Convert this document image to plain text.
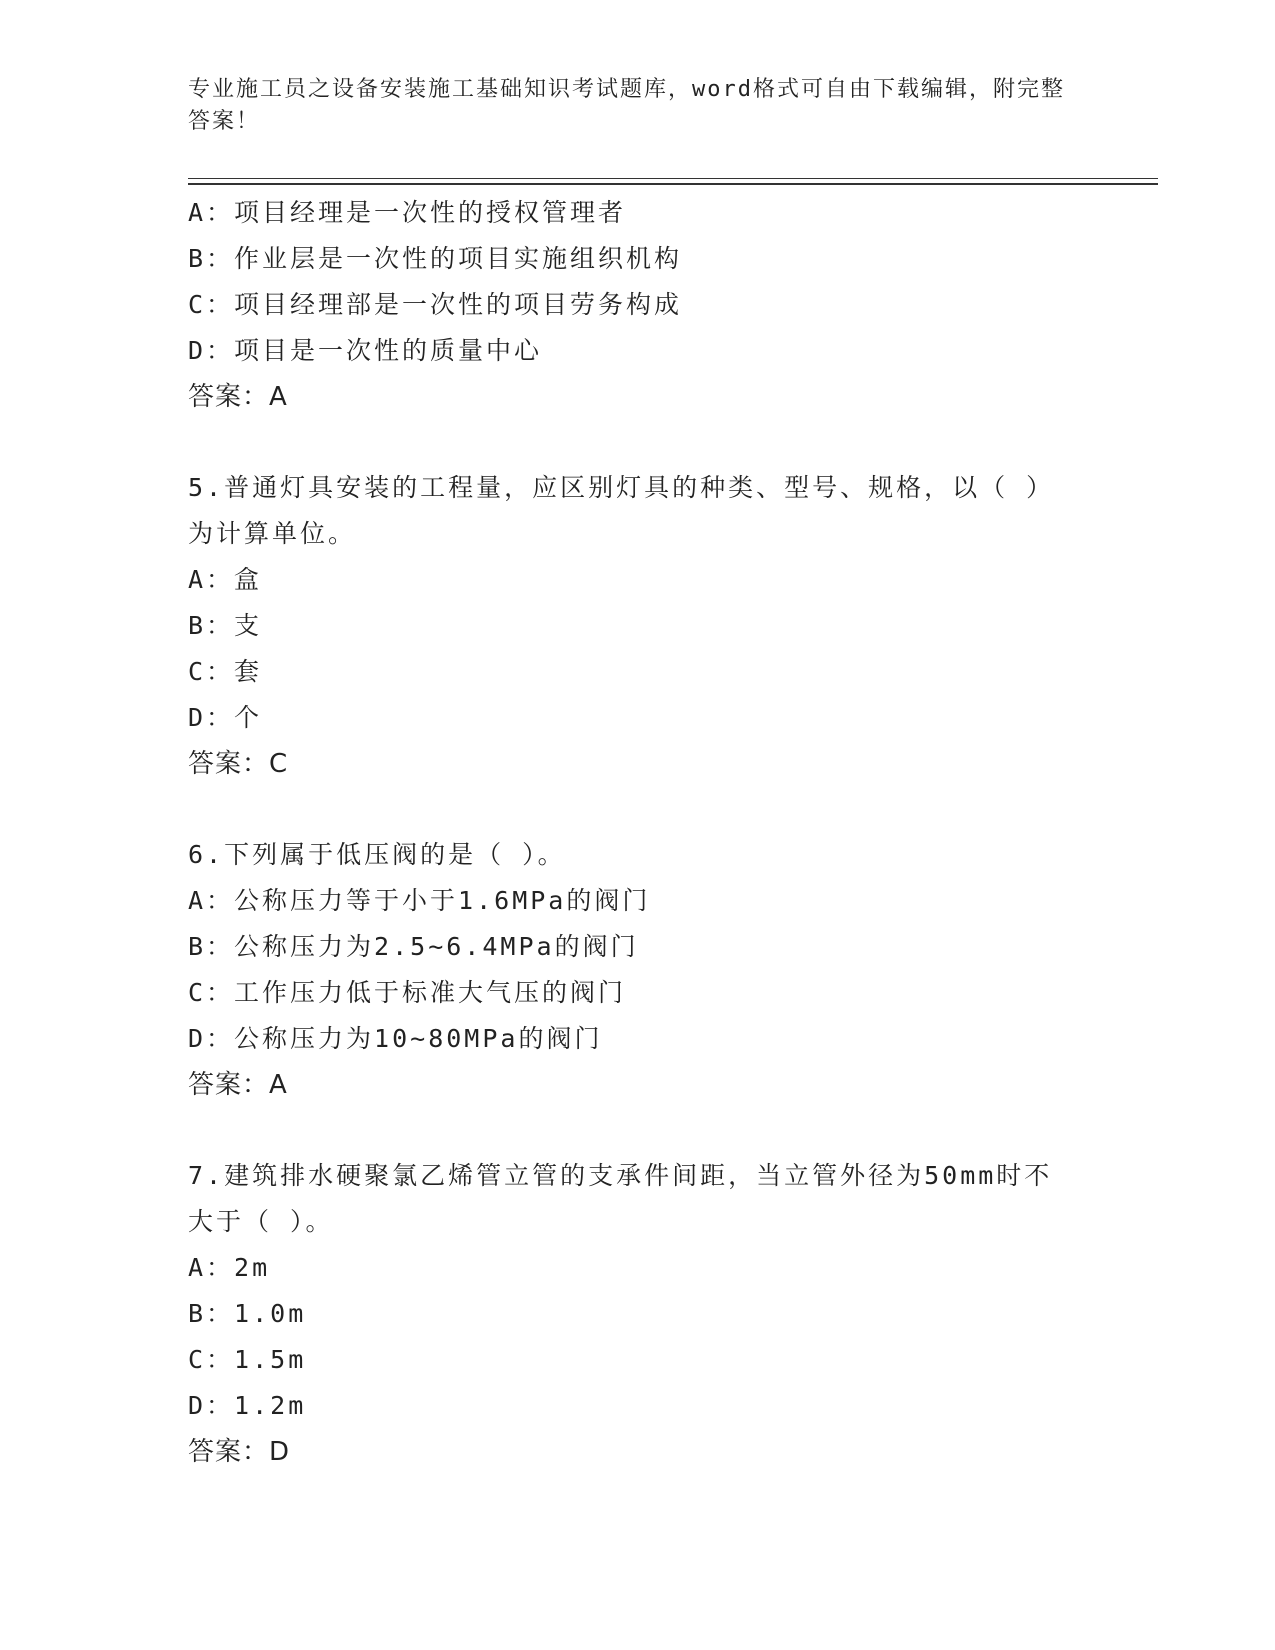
专业施工员之设备安装施工基础知识考试题库，word格式可自由下载编辑，附完整答案！
A：项目经理是一次性的授权管理者
B：作业层是一次性的项目实施组织机构
C：项目经理部是一次性的项目劳务构成
D：项目是一次性的质量中心
答案：A
5.普通灯具安装的工程量，应区别灯具的种类、型号、规格，以（ ）为计算单位。
A：盒
B：支
C：套
D：个
答案：C
6.下列属于低压阀的是（ ）。
A：公称压力等于小于1.6MPa的阀门
B：公称压力为2.5~6.4MPa的阀门
C：工作压力低于标准大气压的阀门
D：公称压力为10~80MPa的阀门
答案：A
7.建筑排水硬聚氯乙烯管立管的支承件间距，当立管外径为50mm时不大于（ ）。
A：2m
B：1.0m
C：1.5m
D：1.2m
答案：D
